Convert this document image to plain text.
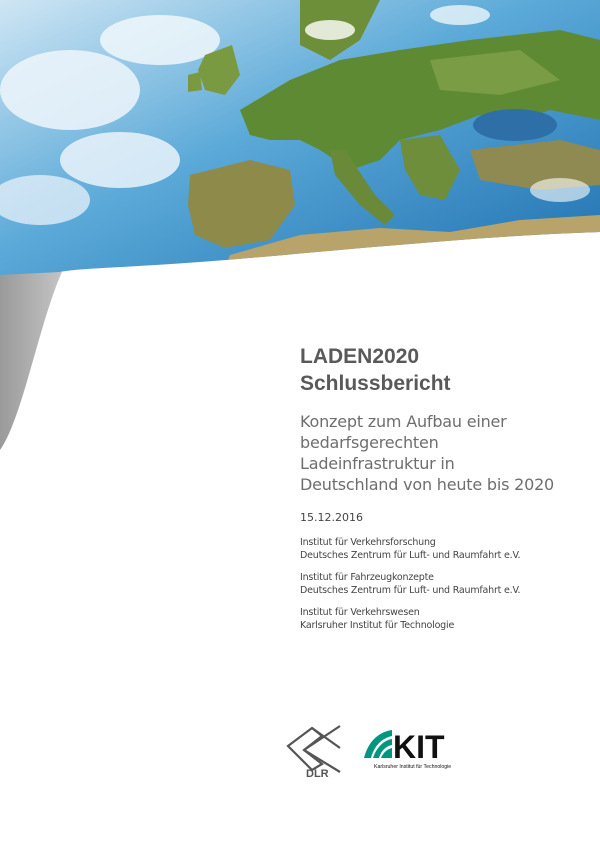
LADEN2020
Schlussbericht

Konzept zum Aufbau einer
bedarfsgerechten
Ladeinfrastruktur in
Deutschland von heute bis 2020

15.12.2016

Institut für Verkehrsforschung
Deutsches Zentrum für Luft- und Raumfahrt e.V.
Institut für Fahrzeugkonzepte
Deutsches Zentrum für Luft- und Raumfahrt e.V.
Institut für Verkehrswesen
Karlsruher Institut für Technologie
DLR
KIT
Karlsruher Institut für Technologie
